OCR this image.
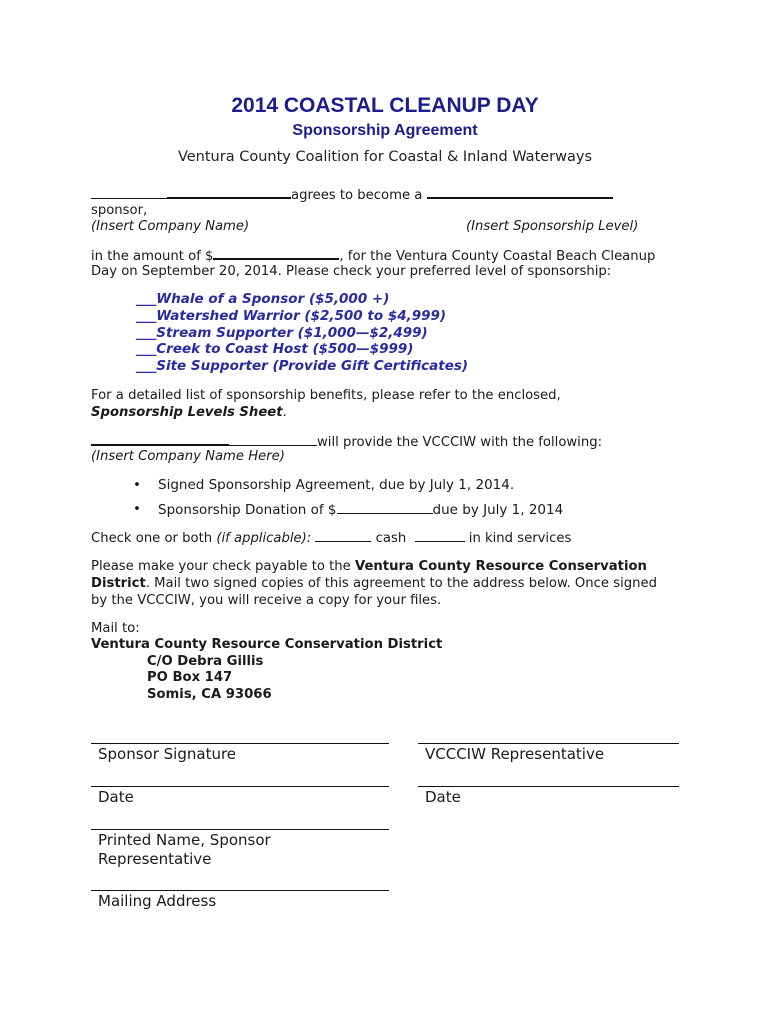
2014 COASTAL CLEANUP DAY
Sponsorship Agreement
Ventura County Coalition for Coastal & Inland Waterways
agrees to become a
sponsor,
(Insert Company Name)	(Insert Sponsorship Level)
in the amount of $	, for the Ventura County Coastal Beach Cleanup
Day on September 20, 2014. Please check your preferred level of sponsorship:
___Whale of a Sponsor ($5,000 +)
___Watershed Warrior ($2,500 to $4,999)
___Stream Supporter ($1,000—$2,499)
___Creek to Coast Host ($500—$999)
___Site Supporter (Provide Gift Certificates)
For a detailed list of sponsorship benefits, please refer to the enclosed,
Sponsorship Levels Sheet.
will provide the VCCCIW with the following:
(Insert Company Name Here)
• Signed Sponsorship Agreement, due by July 1, 2014.
• Sponsorship Donation of $	due by July 1, 2014
Check one or both (if applicable):	cash	in kind services
Please make your check payable to the Ventura County Resource Conservation
District. Mail two signed copies of this agreement to the address below. Once signed
by the VCCCIW, you will receive a copy for your files.
Mail to:
Ventura County Resource Conservation District
C/O Debra Gillis
PO Box 147
Somis, CA 93066
Sponsor Signature	VCCCIW Representative
Date	Date
Printed Name, Sponsor
Representative
Mailing Address
